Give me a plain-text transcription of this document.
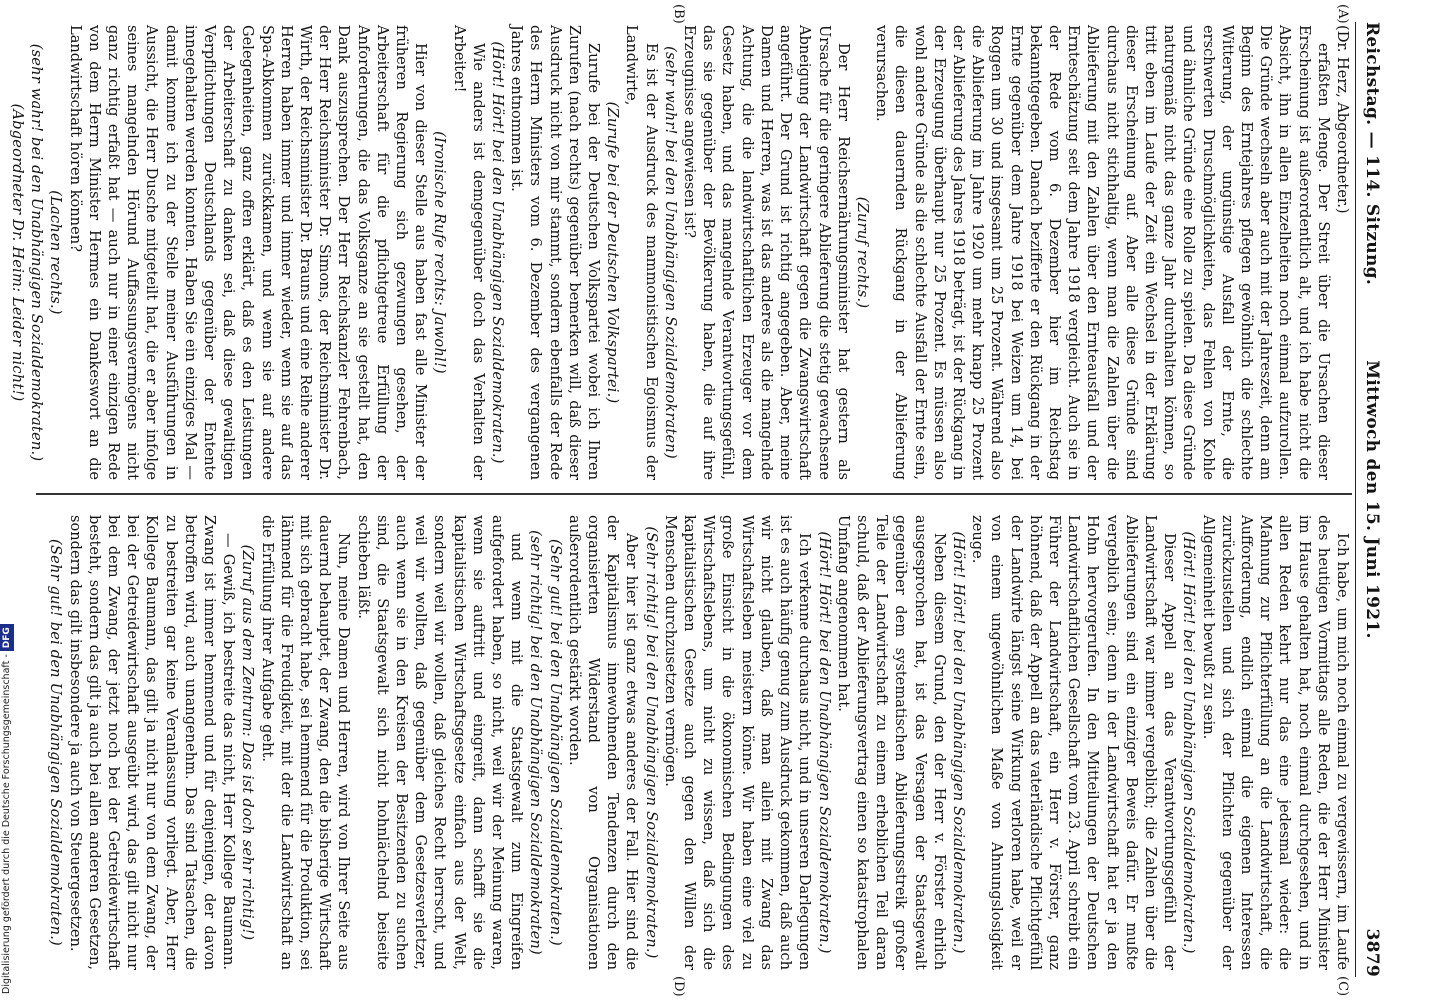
Reichstag. — 114. Sitzung.
Mittwoch den 15. Juni 1921.
3879
(A)
(B)
(C)
(D)

(Dr. Herz, Abgeordneter.)

erfaßten Menge. Der Streit über die Ursachen dieser Erscheinung ist außerordentlich alt, und ich habe nicht die Absicht, ihn in allen Einzelheiten noch einmal aufzurollen. Die Gründe wechseln aber auch mit der Jahreszeit, denn am Beginn des Erntejahres pflegen gewöhnlich die schlechte Witterung, der ungünstige Ausfall der Ernte, die erschwerten Druschmöglichkeiten, das Fehlen von Kohle und ähnliche Gründe eine Rolle zu spielen. Da diese Gründe naturgemäß nicht das ganze Jahr durchhalten können, so tritt eben im Laufe der Zeit ein Wechsel in der Erklärung dieser Erscheinung auf. Aber alle diese Gründe sind durchaus nicht stichhaltig, wenn man die Zahlen über die Ablieferung mit den Zahlen über den Ernteausfall und der Ernteschätzung seit dem Jahre 1918 vergleicht. Auch sie in der Rede vom 6. Dezember hier im Reichstag bekanntgegeben. Danach bezifferte er den Rückgang in der Ernte gegenüber dem Jahre 1918 bei Weizen um 14, bei Roggen um 30 und insgesamt um 25 Prozent. Während also die Ablieferung im Jahre 1920 um mehr knapp 25 Prozent der Ablieferung des Jahres 1918 beträgt, ist der Rückgang in der Erzeugung überhaupt nur 25 Prozent. Es müssen also wohl andere Gründe als die schlechte Ausfall der Ernte sein, die diesen dauernden Rückgang in der Ablieferung verursachen.

(Zuruf rechts.)

Der Herr Reichsernährungsminister hat gestern als Ursache für die geringere Ablieferung die stetig gewachsene Abneigung der Landwirtschaft gegen die Zwangswirtschaft angeführt. Der Grund ist richtig angegeben. Aber, meine Damen und Herren, was ist das anderes als die mangelnde Achtung, die die landwirtschaftlichen Erzeuger vor dem Gesetz haben, und das mangelnde Verantwortungsgefühl, das sie gegenüber der Bevölkerung haben, die auf ihre Erzeugnisse angewiesen ist?

(sehr wahr! bei den Unabhängigen Sozialdemokraten)

Es ist der Ausdruck des mammonistischen Egoismus der Landwirte,

(Zurufe bei der Deutschen Volkspartei.)

Zurufe bei der Deutschen Volkspartei wobei ich Ihren Zurufen (nach rechts) gegenüber bemerken will, daß dieser Ausdruck nicht von mir stammt, sondern ebenfalls der Rede des Herrn Ministers vom 6. Dezember des vergangenen Jahres entnommen ist.

(Hört! Hört! bei den Unabhängigen Sozialdemokraten.)

Wie anders ist demgegenüber doch das Verhalten der Arbeiter!

(Ironische Rufe rechts: Jawohl!)

Hier von dieser Stelle aus haben fast alle Minister der früheren Regierung sich gezwungen gesehen, der Arbeiterschaft für die pflichtgetreue Erfüllung der Anforderungen, die das Volksganze an sie gestellt hat, den Dank auszusprechen. Der Herr Reichskanzler Fehrenbach, der Herr Reichsminister Dr. Simons, der Reichsminister Dr. Wirth, der Reichsminister Dr. Brauns und eine Reihe anderer Herren haben immer und immer wieder, wenn sie auf das Spa-Abkommen zurückkamen, und wenn sie auf andere Gelegenheiten, ganz offen erklärt, daß es den Leistungen der Arbeiterschaft zu danken sei, daß diese gewaltigen Verpflichtungen Deutschlands gegenüber der Entente innegehalten werden konnten. Haben Sie ein einziges Mal — damit komme ich zu der Stelle meiner Ausführungen in Aussicht, die Herr Dusche mitgeteilt hat, die er aber infolge seines mangelnden Hörund Auffassungsvermögens nicht ganz richtig erfaßt hat — auch nur in einer einzigen Rede von dem Herrn Minister Hermes ein Dankeswort an die Landwirtschaft hören können?

(Lachen rechts.)

(sehr wahr! bei den Unabhängigen Sozialdemokraten.)

(Abgeordneter Dr. Heim: Leider nicht!)

Ich habe, um mich noch einmal zu vergewissern, im Laufe des heutigen Vormittags alle Reden, die der Herr Minister im Hause gehalten hat, noch einmal durchgesehen, und in allen Reden kehrt nur das eine jedesmal wieder: die Mahnung zur Pflichterfüllung an die Landwirtschaft, die Aufforderung, endlich einmal die eigenen Interessen zurückzustellen und sich der Pflichten gegenüber der Allgemeinheit bewußt zu sein.

(Hört! Hört! bei den Unabhängigen Sozialdemokraten.)

Dieser Appell an das Verantwortungsgefühl der Landwirtschaft war immer vergeblich; die Zahlen über die Ablieferungen sind ein einziger Beweis dafür. Er mußte vergeblich sein; denn in der Landwirtschaft hat er ja den Hohn hervorgerufen. In den Mitteilungen der Deutschen Landwirtschaftlichen Gesellschaft vom 23. April schreibt ein Führer der Landwirtschaft, ein Herr v. Förster, ganz höhnend, daß der Appell an das vaterländische Pflichtgefühl der Landwirte längst seine Wirkung verloren habe, weil er von einem ungewöhnlichen Maße von Ahnungslosigkeit zeuge.

(Hört! Hört! bei den Unabhängigen Sozialdemokraten.)

Neben diesem Grund, den der Herr v. Förster ehrlich ausgesprochen hat, ist das Versagen der Staatsgewalt gegenüber dem systematischen Ablieferungsstreik großer Teile der Landwirtschaft zu einem erheblichen Teil daran schuld, daß der Ablieferungsvertrag einen so katastrophalen Umfang angenommen hat.

(Hört! Hört! bei den Unabhängigen Sozialdemokraten.)

Ich verkenne durchaus nicht, und in unseren Darlegungen ist es auch häufig genug zum Ausdruck gekommen, daß auch wir nicht glauben, daß man allein mit Zwang das Wirtschaftsleben meistern könne. Wir haben eine viel zu große Einsicht in die ökonomischen Bedingungen des Wirtschaftslebens, um nicht zu wissen, daß sich die kapitalistischen Gesetze auch gegen den Willen der Menschen durchzusetzen vermögen.

(Sehr richtig! bei den Unabhängigen Sozialdemokraten.)

Aber hier ist ganz etwas anderes der Fall. Hier sind die der Kapitalismus innewohnenden Tendenzen durch den organisierten Widerstand von Organisationen außerordentlich gestärkt worden.

(Sehr gut! bei den Unabhängigen Sozialdemokraten.)

(sehr richtig! bei den Unabhängigen Sozialdemokraten)

und wenn mit die Staatsgewalt zum Eingreifen aufgefordert haben, so nicht, weil wir der Meinung waren, wenn sie auftritt und eingreift, dann schafft sie die kapitalistischen Wirtschaftsgesetze einfach aus der Welt, sondern weil wir wollen, daß gleiches Recht herrscht, und weil wir wollten, daß gegenüber dem Gesetzesverletzer, auch wenn sie in den Kreisen der Besitzenden zu suchen sind, die Staatsgewalt sich nicht hohnlächelnd beiseite schieben läßt.

Nun, meine Damen und Herren, wird von Ihrer Seite aus dauernd behauptet, der Zwang, den die bisherige Wirtschaft mit sich gebracht habe, sei hemmend für die Produktion, sei lähmend für die Freudigkeit, mit der die Landwirtschaft an die Erfüllung ihrer Aufgabe geht.

(Zuruf aus dem Zentrum: Das ist doch sehr richtig!)

— Gewiß, ich bestreite das nicht, Herr Kollege Baumann. Zwang ist immer hemmend und für denjenigen, der davon betroffen wird, auch unangenehm. Das sind Tatsachen, die zu bestreiten gar keine Veranlassung vorliegt. Aber, Herr Kollege Baumann, das gilt ja nicht nur von dem Zwang, der bei der Getreidewirtschaft ausgeübt wird, das gilt nicht nur bei dem Zwang, der jetzt noch bei der Getreidewirtschaft besteht, sondern das gilt ja auch bei allen anderen Gesetzen, sondern das gilt insbesondere ja auch von Steuergesetzen.

(Sehr gut! bei den Unabhängigen Sozialdemokraten.)

Digitalisierung gefördert durch die Deutsche Forschungsgemeinschaft -DFG
